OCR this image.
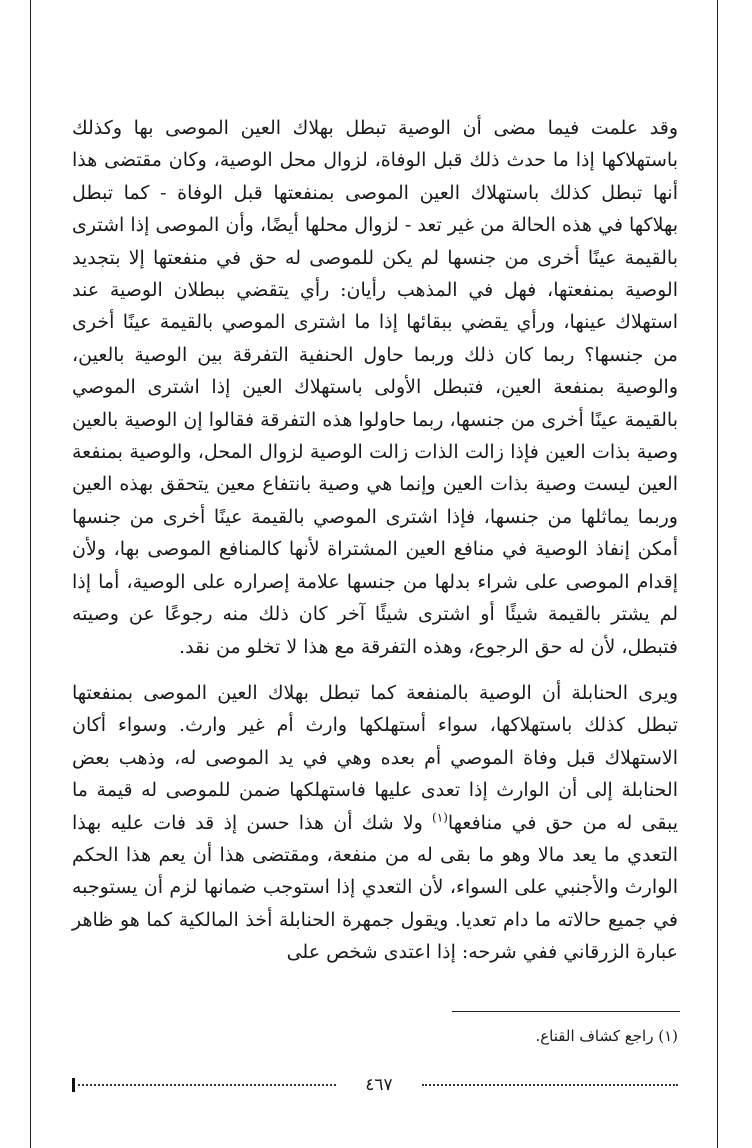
وقد علمت فيما مضى أن الوصية تبطل بهلاك العين الموصى بها وكذلك باستهلاكها إذا ما حدث ذلك قبل الوفاة، لزوال محل الوصية، وكان مقتضى هذا أنها تبطل كذلك باستهلاك العين الموصى بمنفعتها قبل الوفاة - كما تبطل بهلاكها في هذه الحالة من غير تعد - لزوال محلها أيضًا، وأن الموصى إذا اشترى بالقيمة عينًا أخرى من جنسها لم يكن للموصى له حق في منفعتها إلا بتجديد الوصية بمنفعتها، فهل في المذهب رأيان: رأي يتقضي ببطلان الوصية عند استهلاك عينها، ورأي يقضي ببقائها إذا ما اشترى الموصي بالقيمة عينًا أخرى من جنسها؟ ربما كان ذلك وربما حاول الحنفية التفرقة بين الوصية بالعين، والوصية بمنفعة العين، فتبطل الأولى باستهلاك العين إذا اشترى الموصي بالقيمة عينًا أخرى من جنسها، ربما حاولوا هذه التفرقة فقالوا إن الوصية بالعين وصية بذات العين فإذا زالت الذات زالت الوصية لزوال المحل، والوصية بمنفعة العين ليست وصية بذات العين وإنما هي وصية بانتفاع معين يتحقق بهذه العين وربما يماثلها من جنسها، فإذا اشترى الموصي بالقيمة عينًا أخرى من جنسها أمكن إنفاذ الوصية في منافع العين المشتراة لأنها كالمنافع الموصى بها، ولأن إقدام الموصى على شراء بدلها من جنسها علامة إصراره على الوصية، أما إذا لم يشتر بالقيمة شيئًا أو اشترى شيئًا آخر كان ذلك منه رجوعًا عن وصيته فتبطل، لأن له حق الرجوع، وهذه التفرقة مع هذا لا تخلو من نقد.

ويرى الحنابلة أن الوصية بالمنفعة كما تبطل بهلاك العين الموصى بمنفعتها تبطل كذلك باستهلاكها، سواء أستهلكها وارث أم غير وارث. وسواء أكان الاستهلاك قبل وفاة الموصي أم بعده وهي في يد الموصى له، وذهب بعض الحنابلة إلى أن الوارث إذا تعدى عليها فاستهلكها ضمن للموصى له قيمة ما يبقى له من حق في منافعها$^{(١)}$ ولا شك أن هذا حسن إذ قد فات عليه بهذا التعدي ما يعد مالا وهو ما بقى له من منفعة، ومقتضى هذا أن يعم هذا الحكم الوارث والأجنبي على السواء، لأن التعدي إذا استوجب ضمانها لزم أن يستوجبه في جميع حالاته ما دام تعديا. ويقول جمهرة الحنابلة أخذ المالكية كما هو ظاهر عبارة الزرقاني ففي شرحه: إذا اعتدى شخص على

(١) راجع كشاف القناع.
٤٦٧
